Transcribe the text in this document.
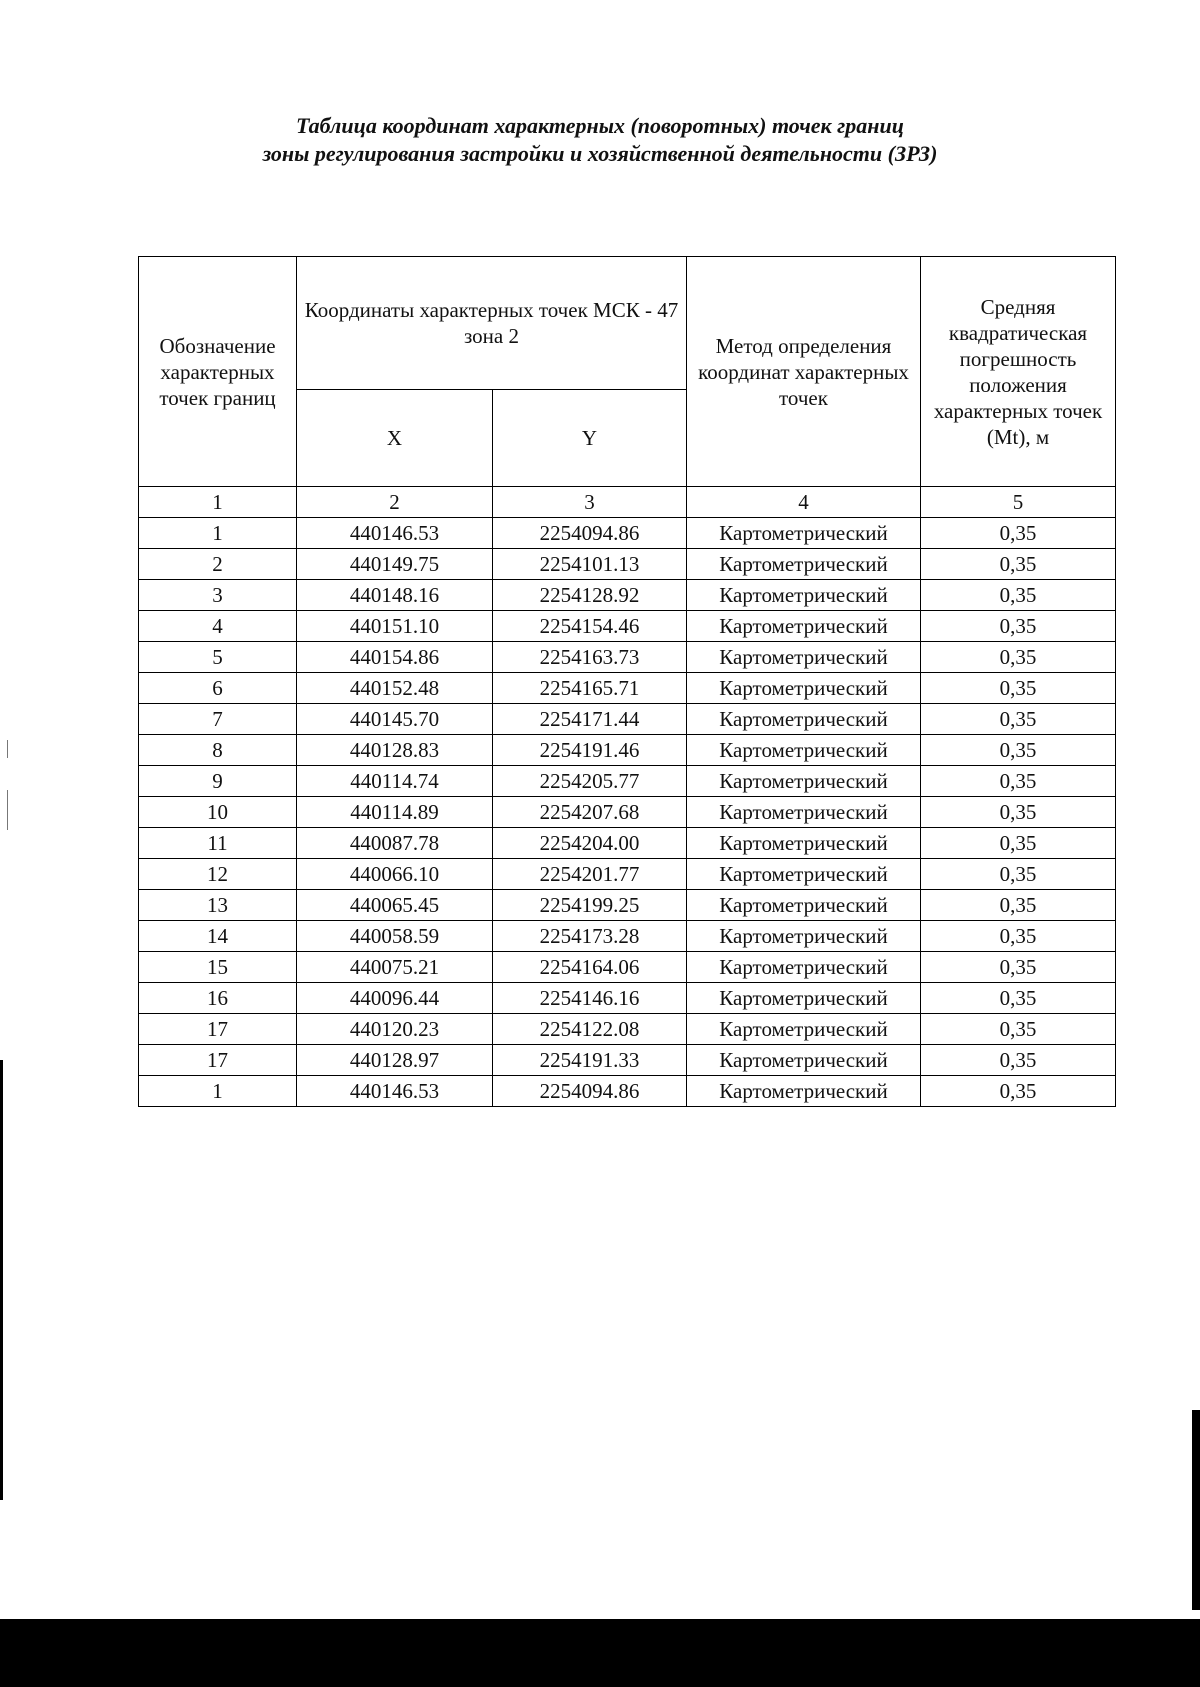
Таблица координат характерных (поворотных) точек границ
зоны регулирования застройки и хозяйственной деятельности (ЗРЗ)
Обозначение характерных точек границ	Координаты характерных точек МСК - 47 зона 2		Метод определения координат характерных точек	Средняя квадратическая погрешность положения характерных точек (Mt), м
	X	Y		
1	2	3	4	5
1	440146.53	2254094.86	Картометрический	0,35
2	440149.75	2254101.13	Картометрический	0,35
3	440148.16	2254128.92	Картометрический	0,35
4	440151.10	2254154.46	Картометрический	0,35
5	440154.86	2254163.73	Картометрический	0,35
6	440152.48	2254165.71	Картометрический	0,35
7	440145.70	2254171.44	Картометрический	0,35
8	440128.83	2254191.46	Картометрический	0,35
9	440114.74	2254205.77	Картометрический	0,35
10	440114.89	2254207.68	Картометрический	0,35
11	440087.78	2254204.00	Картометрический	0,35
12	440066.10	2254201.77	Картометрический	0,35
13	440065.45	2254199.25	Картометрический	0,35
14	440058.59	2254173.28	Картометрический	0,35
15	440075.21	2254164.06	Картометрический	0,35
16	440096.44	2254146.16	Картометрический	0,35
17	440120.23	2254122.08	Картометрический	0,35
17	440128.97	2254191.33	Картометрический	0,35
1	440146.53	2254094.86	Картометрический	0,35
